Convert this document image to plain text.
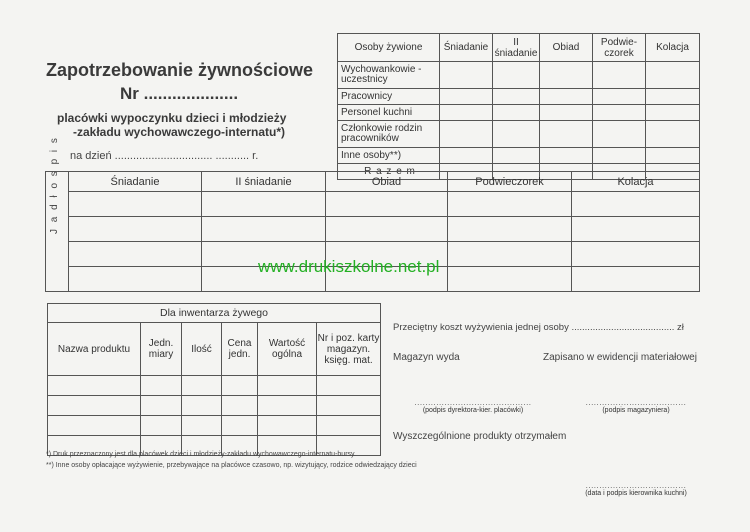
Zapotrzebowanie żywnościowe
Nr ....................
placówki wypoczynku dzieci i młodzieży
-zakładu wychowawczego-internatu*)
na dzień ................................ ........... r.
Osoby żywione	Śniadanie	II śniadanie	Obiad	Podwie-czorek	Kolacja
Wychowankowie - uczestnicy					
Pracownicy					
Personel kuchni					
Członkowie rodzin pracowników					
Inne osoby**)					
R a z e m					
J a d ł o s p i s	Śniadanie	II śniadanie	Obiad	Podwieczorek	Kolacja

www.drukiszkolne.net.pl
Dla inwentarza żywego					
Nazwa produktu	Jedn. miary	Ilość	Cena jedn.	Wartość ogólna	Nr i poz. karty magazyn. księg. mat.

Przeciętny koszt wyżywienia jednej osoby ....................................... zł
Magazyn wyda	Zapisano w ewidencji materiałowej
...........................................
(podpis dyrektora-kier. placówki)
.....................................
(podpis magazyniera)
Wyszczególnione produkty otrzymałem
.....................................
(data i podpis kierownika kuchni)
*) Druk przeznaczony jest dla placówek dzieci i młodzieży-zakładu wychowawczego-internatu-bursy.
**) Inne osoby opłacające wyżywienie, przebywające na placówce czasowo, np. wizytujący, rodzice odwiedzający dzieci
